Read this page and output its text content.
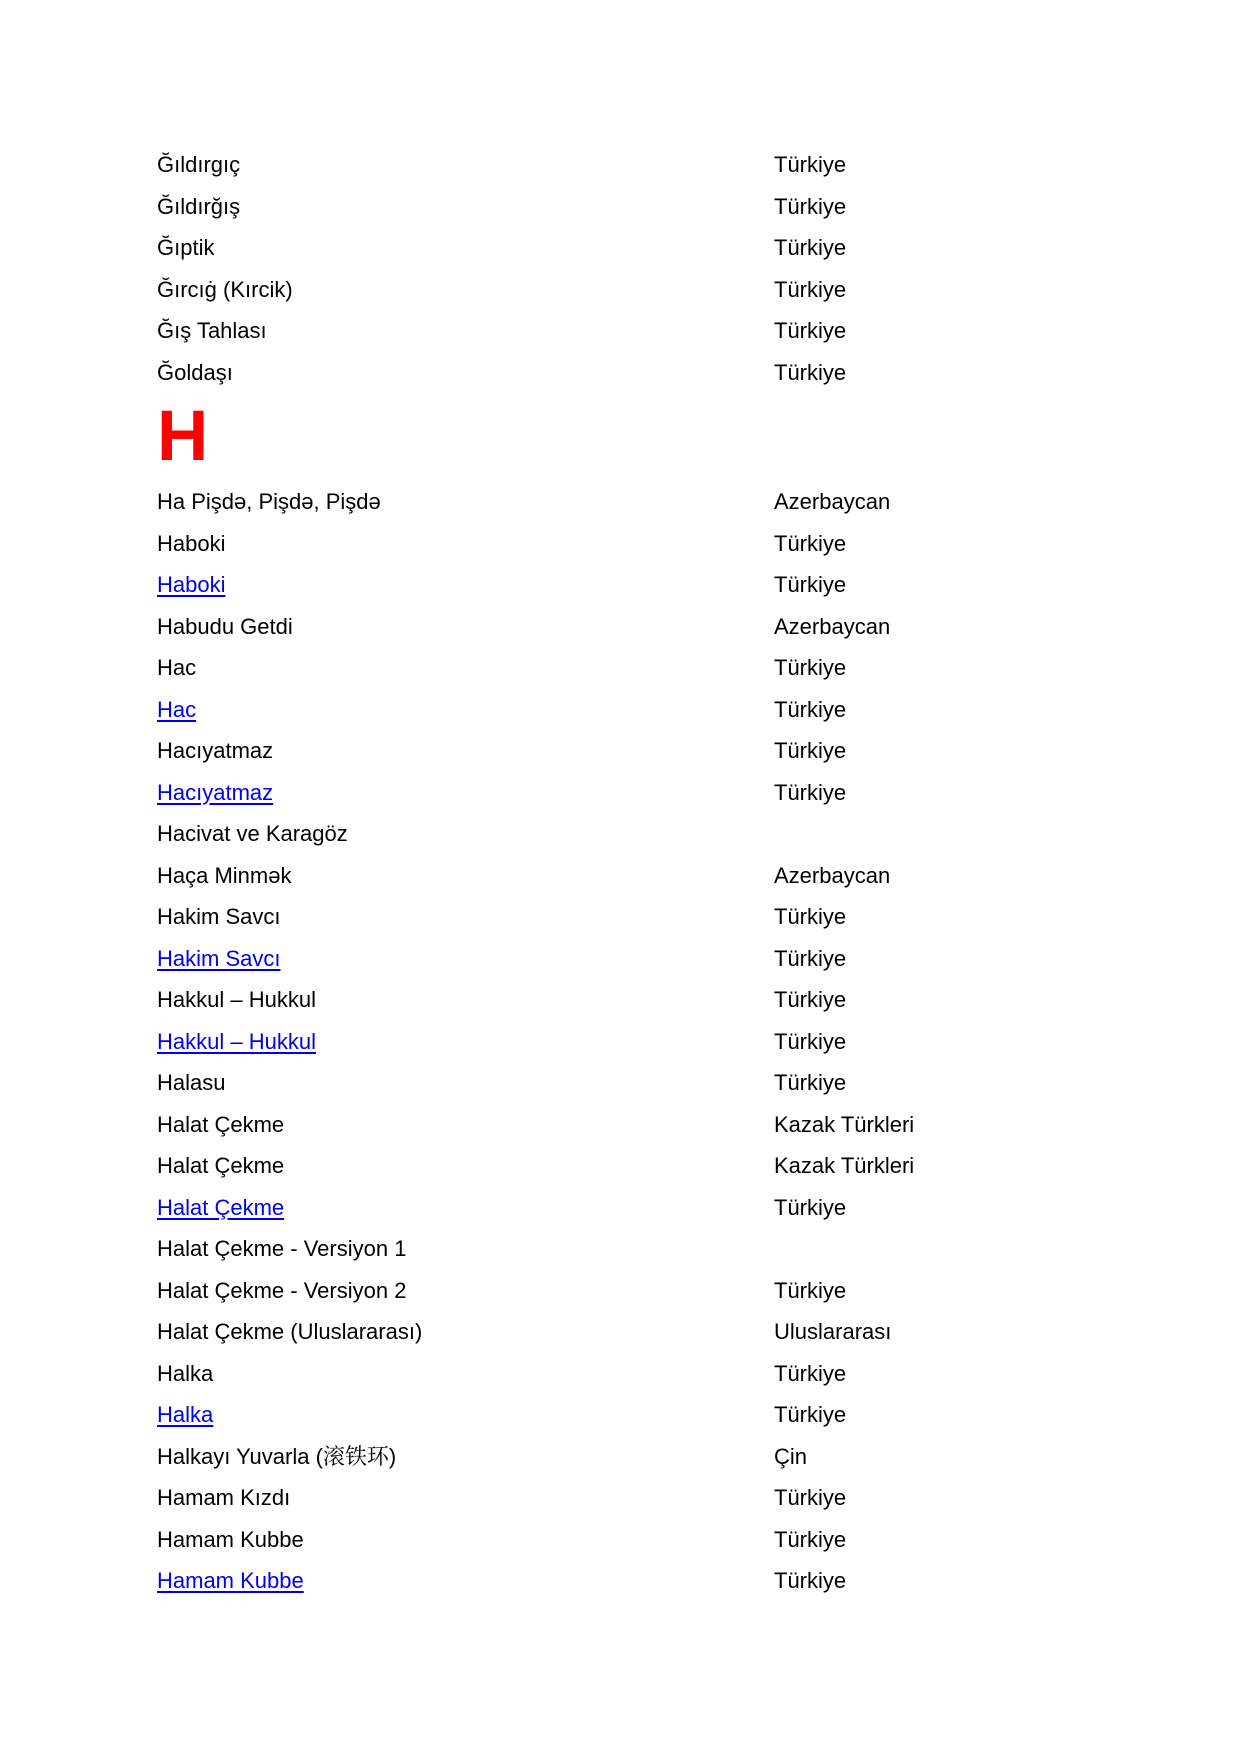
Ğıldırgıç	Türkiye
Ğıldırğış	Türkiye
Ğıptik	Türkiye
Ğırcıġ (Kırcik)	Türkiye
Ğış Tahlası	Türkiye
Ğoldaşı	Türkiye
H
Ha Pişdə, Pişdə, Pişdə	Azerbaycan
Haboki	Türkiye
Haboki	Türkiye
Habudu Getdi	Azerbaycan
Hac	Türkiye
Hac	Türkiye
Hacıyatmaz	Türkiye
Hacıyatmaz	Türkiye
Hacivat ve Karagöz
Haça Minmək	Azerbaycan
Hakim Savcı	Türkiye
Hakim Savcı	Türkiye
Hakkul – Hukkul	Türkiye
Hakkul – Hukkul	Türkiye
Halasu	Türkiye
Halat Çekme	Kazak Türkleri
Halat Çekme	Kazak Türkleri
Halat Çekme	Türkiye
Halat Çekme - Versiyon 1
Halat Çekme - Versiyon 2	Türkiye
Halat Çekme (Uluslararası)	Uluslararası
Halka	Türkiye
Halka	Türkiye
Halkayı Yuvarla (滚铁环)	Çin
Hamam Kızdı	Türkiye
Hamam Kubbe	Türkiye
Hamam Kubbe	Türkiye
